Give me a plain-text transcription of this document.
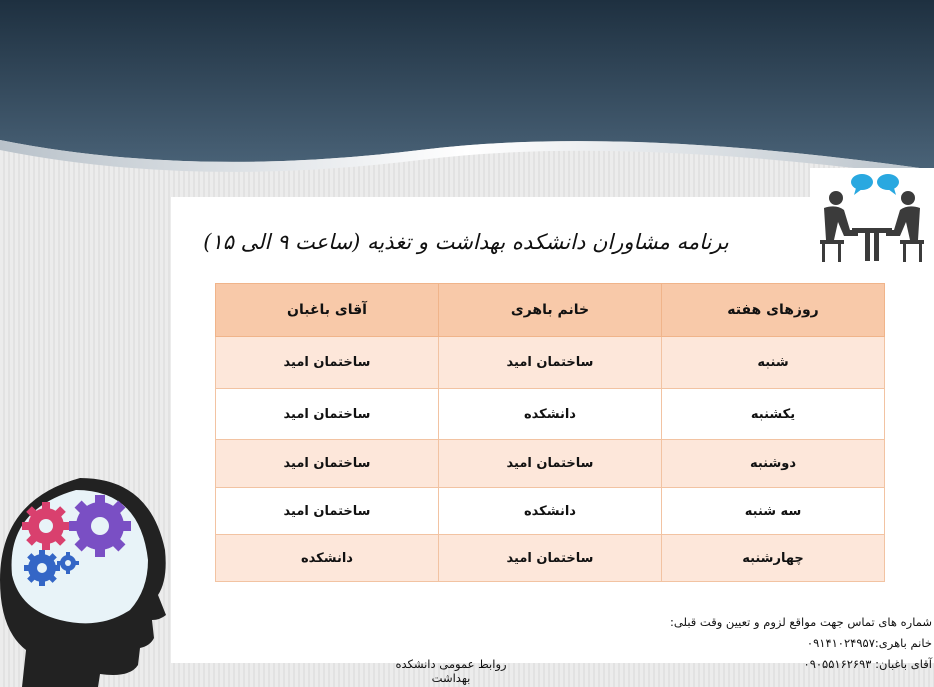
برنامه مشاوران دانشکده بهداشت و تغذیه (ساعت ۹ الی ۱۵)
روزهای هفته	خانم باهری	آقای باغبان
شنبه	ساختمان امید	ساختمان امید
یکشنبه	دانشکده	ساختمان امید
دوشنبه	ساختمان امید	ساختمان امید
سه شنبه	دانشکده	ساختمان امید
چهارشنبه	ساختمان امید	دانشکده
شماره های تماس جهت مواقع لزوم و تعیین وقت قبلی:
خانم باهری:۰۹۱۴۱۰۲۴۹۵۷
آقای باغبان: ۰۹۰۵۵۱۶۲۶۹۳
روابط عمومی دانشکده بهداشت
